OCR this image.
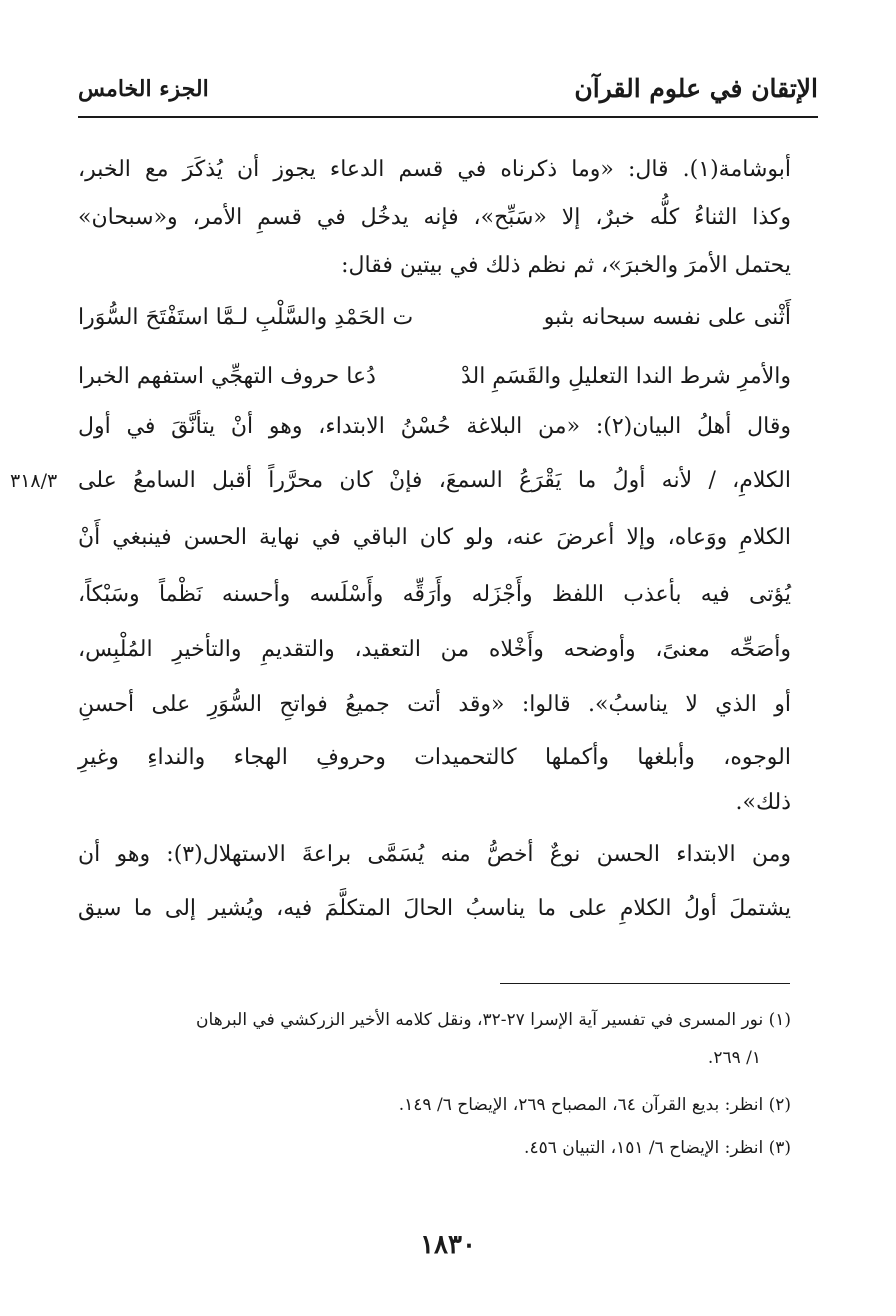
الإتقان في علوم القرآن
الجزء الخامس
أبوشامة(١). قال: «وما ذكرناه في قسم الدعاء يجوز أن يُذكَرَ مع الخبر،
وكذا الثناءُ كلُّه خبرٌ، إلا «سَبِّح»، فإنه يدخُل في قسمِ الأمر، و«سبحان»
يحتمل الأمرَ والخبرَ»، ثم نظم ذلك في بيتين فقال:
أَثْنى على نفسه سبحانه بثبو
ت الحَمْدِ والسَّلْبِ لـمَّا استَفْتَحَ السُّوَرا
والأمرِ شرط الندا التعليلِ والقَسَمِ الدْ
دُعا حروف التهجِّي استفهم الخبرا
وقال أهلُ البيان(٢): «من البلاغة حُسْنُ الابتداء، وهو أنْ يتأنَّقَ في أول
الكلامِ، / لأنه أولُ ما يَقْرَعُ السمعَ، فإنْ كان محرَّراً أقبل السامعُ على
٣١٨/٣
الكلامِ ووَعاه، وإلا أعرضَ عنه، ولو كان الباقي في نهاية الحسن فينبغي أَنْ
يُؤتى فيه بأعذب اللفظ وأَجْزَله وأَرَقِّه وأَسْلَسه وأحسنه نَظْماً وسَبْكاً،
وأصَحِّه معنىً، وأوضحه وأَخْلاه من التعقيد، والتقديمِ والتأخيرِ المُلْبِس،
أو الذي لا يناسبُ». قالوا: «وقد أتت جميعُ فواتحِ السُّوَرِ على أحسنِ
الوجوه، وأبلغها وأكملها كالتحميدات وحروفِ الهجاء والنداءِ وغيرِ
ذلك».
ومن الابتداء الحسن نوعٌ أخصُّ منه يُسَمَّى براعةَ الاستهلال(٣): وهو أن
يشتملَ أولُ الكلامِ على ما يناسبُ الحالَ المتكلَّمَ فيه، ويُشير إلى ما سيق
(١) نور المسرى في تفسير آية الإسرا ٢٧-٣٢، ونقل كلامه الأخير الزركشي في البرهان
١/ ٢٦٩.
(٢) انظر: بديع القرآن ٦٤، المصباح ٢٦٩، الإيضاح ٦/ ١٤٩.
(٣) انظر: الإيضاح ٦/ ١٥١، التبيان ٤٥٦.
١٨٣٠
